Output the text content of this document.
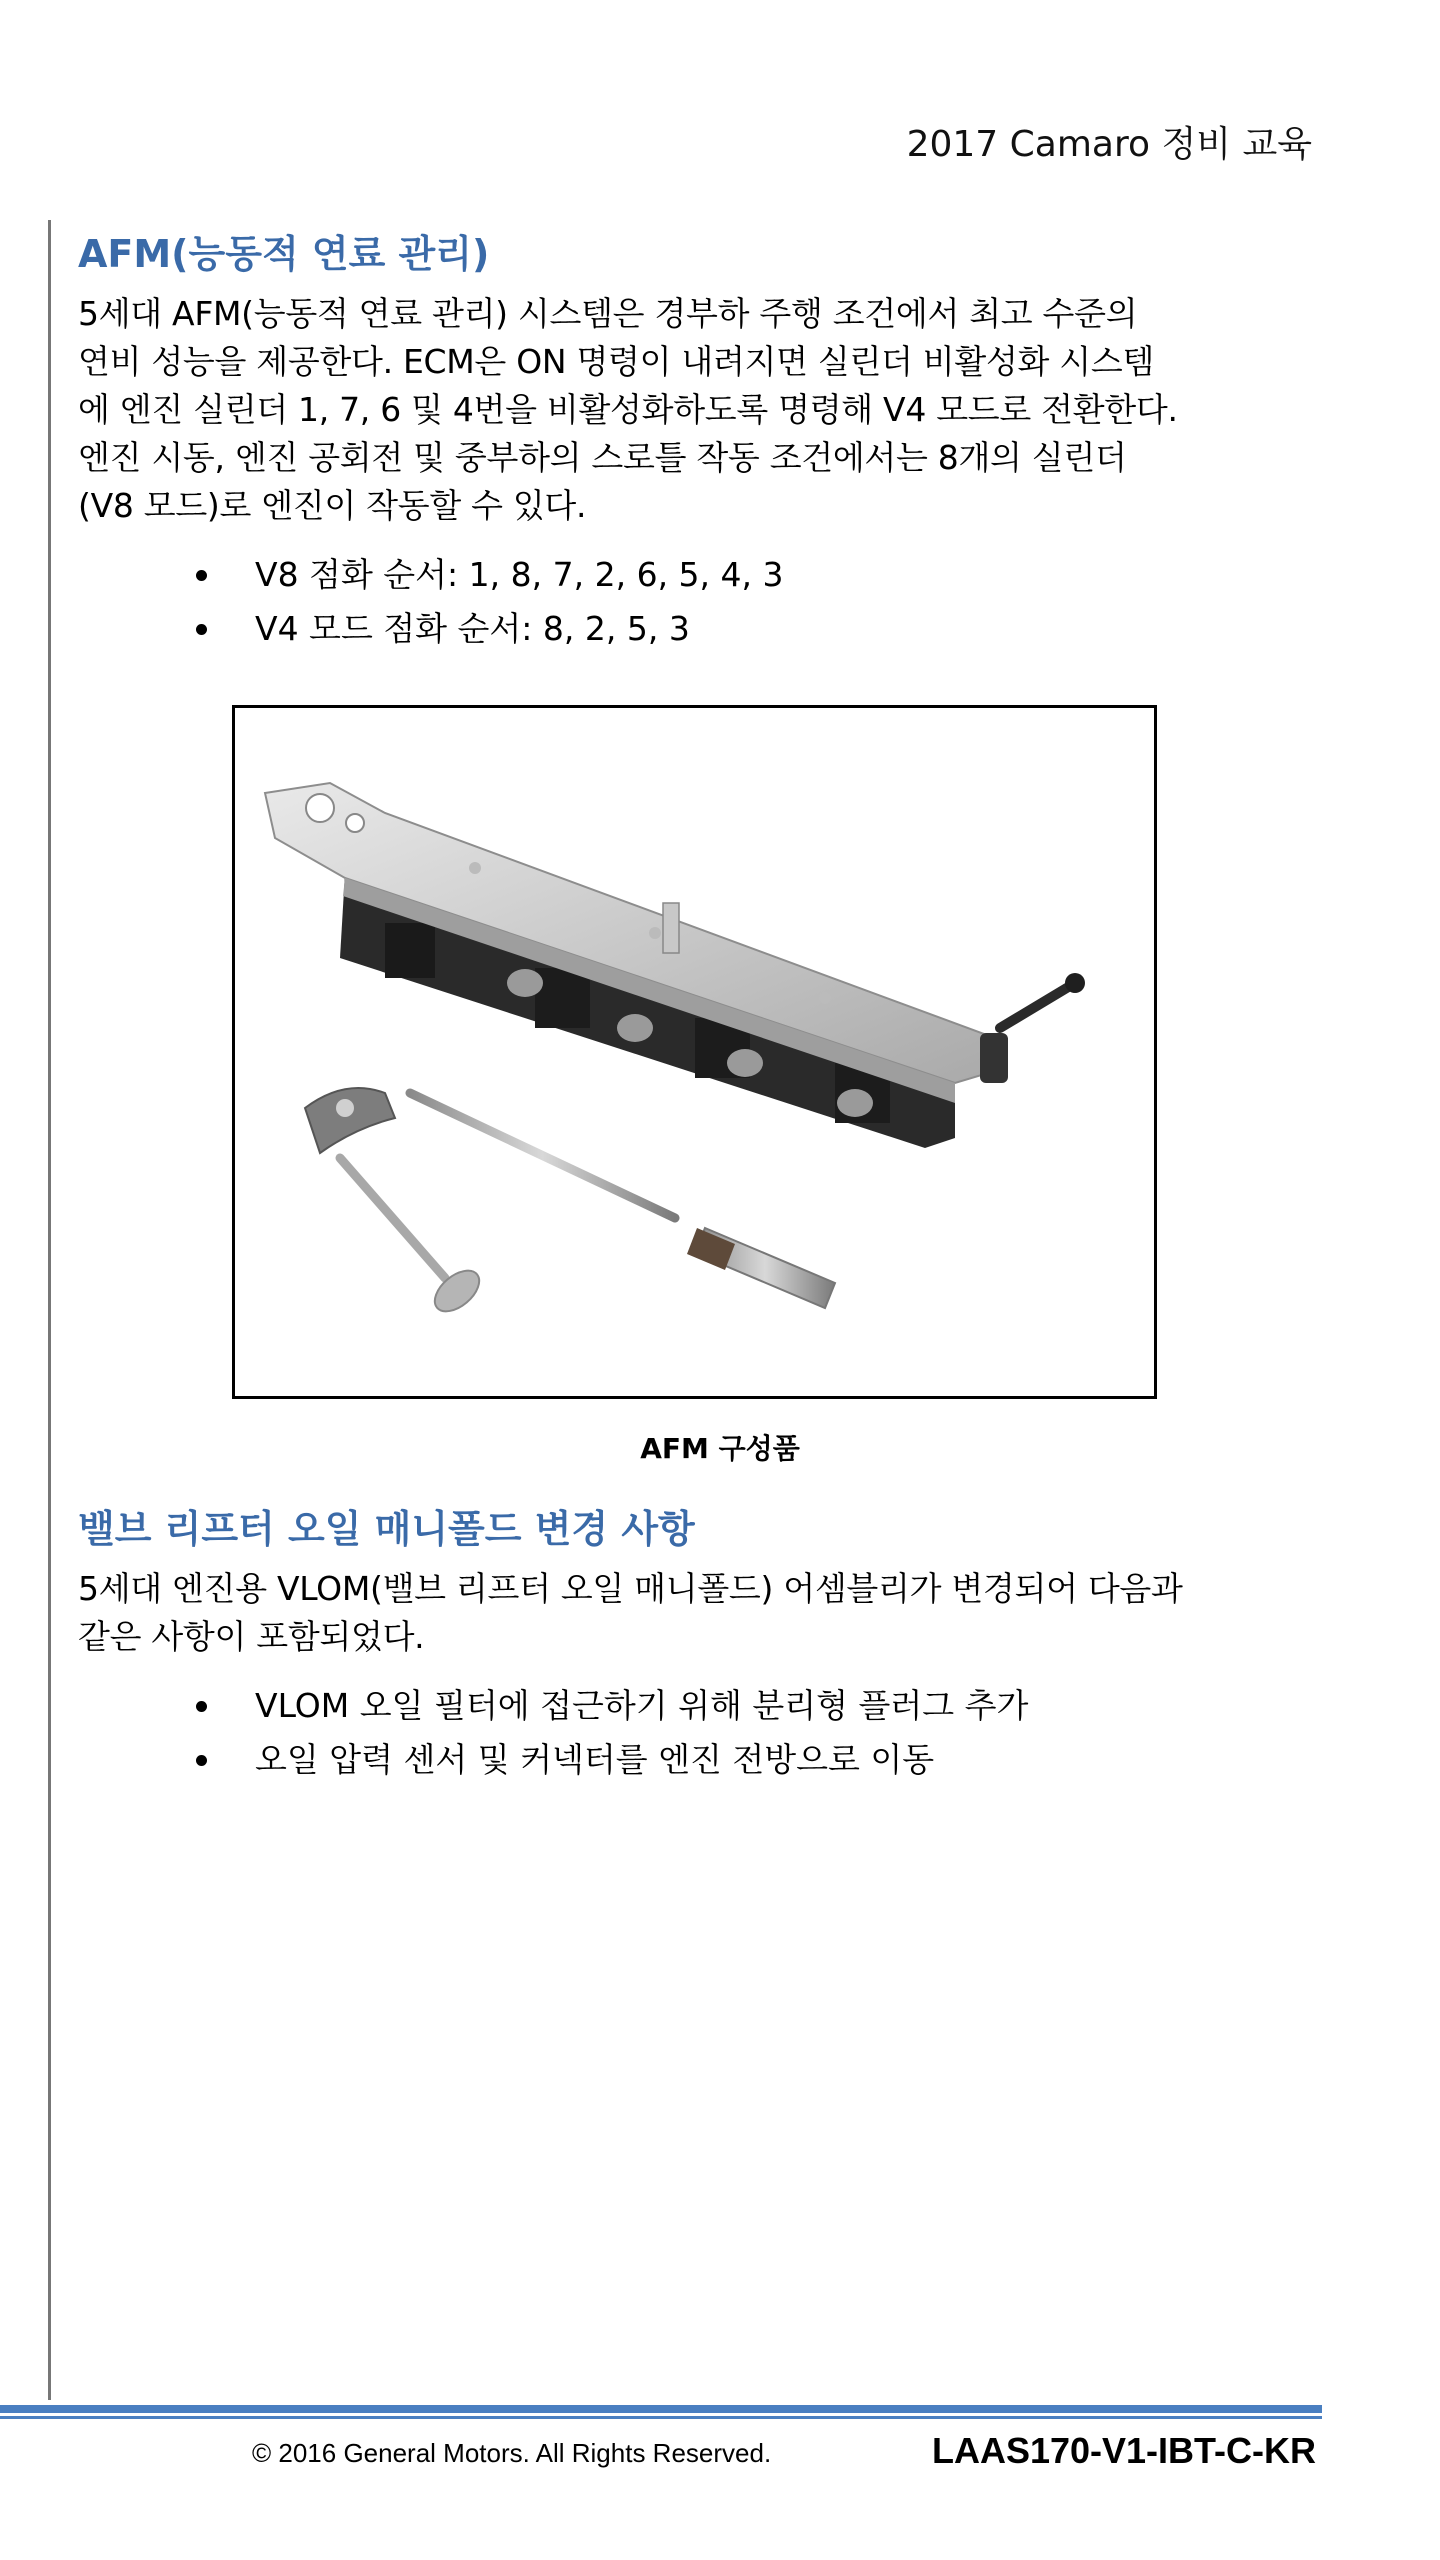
2017 Camaro 정비 교육
AFM(능동적 연료 관리)

5세대 AFM(능동적 연료 관리) 시스템은 경부하 주행 조건에서 최고 수준의
연비 성능을 제공한다. ECM은 ON 명령이 내려지면 실린더 비활성화 시스템
에 엔진 실린더 1, 7, 6 및 4번을 비활성화하도록 명령해 V4 모드로 전환한다.
엔진 시동, 엔진 공회전 및 중부하의 스로틀 작동 조건에서는 8개의 실린더
(V8 모드)로 엔진이 작동할 수 있다.

V8 점화 순서: 1, 8, 7, 2, 6, 5, 4, 3
V4 모드 점화 순서: 8, 2, 5, 3
AFM 구성품
밸브 리프터 오일 매니폴드 변경 사항

5세대 엔진용 VLOM(밸브 리프터 오일 매니폴드) 어셈블리가 변경되어 다음과
같은 사항이 포함되었다.

VLOM 오일 필터에 접근하기 위해 분리형 플러그 추가
오일 압력 센서 및 커넥터를 엔진 전방으로 이동
© 2016 General Motors. All Rights Reserved.	LAAS170-V1-IBT-C-KR
